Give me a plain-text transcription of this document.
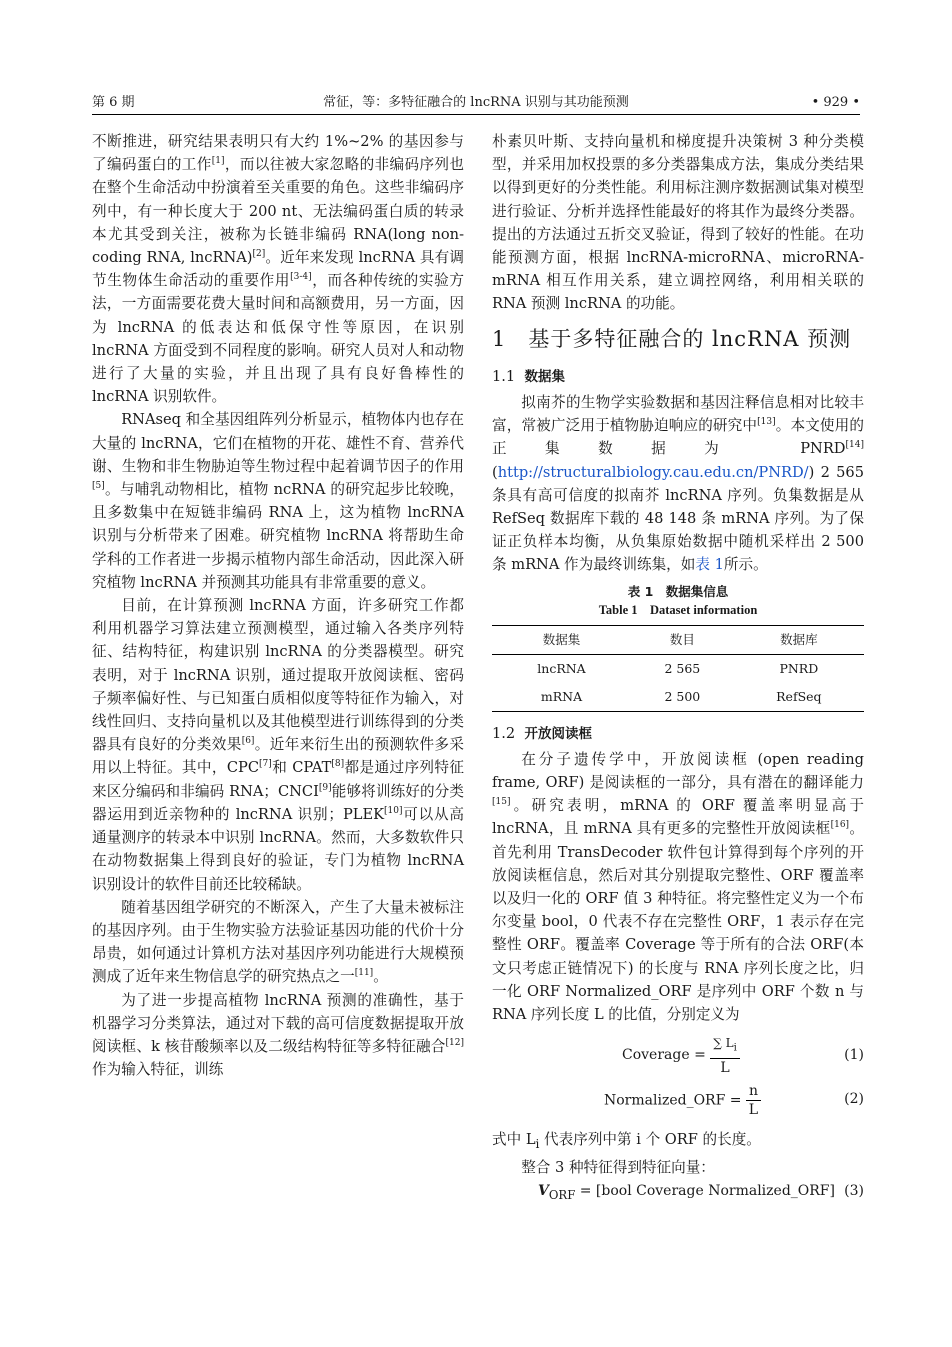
第 6 期	常征，等：多特征融合的 lncRNA 识别与其功能预测	• 929 •

不断推进，研究结果表明只有大约 1%~2% 的基因参与了编码蛋白的工作[1]，而以往被大家忽略的非编码序列也在整个生命活动中扮演着至关重要的角色。这些非编码序列中，有一种长度大于 200 nt、无法编码蛋白质的转录本尤其受到关注，被称为长链非编码 RNA(long non-coding RNA, lncRNA)[2]。近年来发现 lncRNA 具有调节生物体生命活动的重要作用[3-4]，而各种传统的实验方法，一方面需要花费大量时间和高额费用，另一方面，因为 lncRNA 的低表达和低保守性等原因，在识别 lncRNA 方面受到不同程度的影响。研究人员对人和动物进行了大量的实验，并且出现了具有良好鲁棒性的 lncRNA 识别软件。

RNAseq 和全基因组阵列分析显示，植物体内也存在大量的 lncRNA，它们在植物的开花、雄性不育、营养代谢、生物和非生物胁迫等生物过程中起着调节因子的作用[5]。与哺乳动物相比，植物 ncRNA 的研究起步比较晚，且多数集中在短链非编码 RNA 上，这为植物 lncRNA 识别与分析带来了困难。研究植物 lncRNA 将帮助生命学科的工作者进一步揭示植物内部生命活动，因此深入研究植物 lncRNA 并预测其功能具有非常重要的意义。

目前，在计算预测 lncRNA 方面，许多研究工作都利用机器学习算法建立预测模型，通过输入各类序列特征、结构特征，构建识别 lncRNA 的分类器模型。研究表明，对于 lncRNA 识别，通过提取开放阅读框、密码子频率偏好性、与已知蛋白质相似度等特征作为输入，对线性回归、支持向量机以及其他模型进行训练得到的分类器具有良好的分类效果[6]。近年来衍生出的预测软件多采用以上特征。其中，CPC[7]和 CPAT[8]都是通过序列特征来区分编码和非编码 RNA；CNCI[9]能够将训练好的分类器运用到近亲物种的 lncRNA 识别；PLEK[10]可以从高通量测序的转录本中识别 lncRNA。然而，大多数软件只在动物数据集上得到良好的验证，专门为植物 lncRNA 识别设计的软件目前还比较稀缺。

随着基因组学研究的不断深入，产生了大量未被标注的基因序列。由于生物实验方法验证基因功能的代价十分昂贵，如何通过计算机方法对基因序列功能进行大规模预测成了近年来生物信息学的研究热点之一[11]。

为了进一步提高植物 lncRNA 预测的准确性，基于机器学习分类算法，通过对下载的高可信度数据提取开放阅读框、k 核苷酸频率以及二级结构特征等多特征融合[12]作为输入特征，训练

朴素贝叶斯、支持向量机和梯度提升决策树 3 种分类模型，并采用加权投票的多分类器集成方法，集成分类结果以得到更好的分类性能。利用标注测序数据测试集对模型进行验证、分析并选择性能最好的将其作为最终分类器。提出的方法通过五折交叉验证，得到了较好的性能。在功能预测方面，根据 lncRNA-microRNA、microRNA-mRNA 相互作用关系，建立调控网络，利用相关联的 RNA 预测 lncRNA 的功能。

1　基于多特征融合的 lncRNA 预测
1.1 数据集

拟南芥的生物学实验数据和基因注释信息相对比较丰富，常被广泛用于植物胁迫响应的研究中[13]。本文使用的正集数据为 PNRD[14](http://structuralbiology.cau.edu.cn/PNRD/) 2 565 条具有高可信度的拟南芥 lncRNA 序列。负集数据是从 RefSeq 数据库下载的 48 148 条 mRNA 序列。为了保证正负样本均衡，从负集原始数据中随机采样出 2 500 条 mRNA 作为最终训练集，如表 1所示。

表 1　数据集信息
Table 1　Dataset information
数据集	数目	数据库
lncRNA	2 565	PNRD
mRNA	2 500	RefSeq
1.2 开放阅读框

在分子遗传学中，开放阅读框 (open reading frame, ORF) 是阅读框的一部分，具有潜在的翻译能力[15]。研究表明，mRNA 的 ORF 覆盖率明显高于 lncRNA，且 mRNA 具有更多的完整性开放阅读框[16]。首先利用 TransDecoder 软件包计算得到每个序列的开放阅读框信息，然后对其分别提取完整性、ORF 覆盖率以及归一化的 ORF 值 3 种特征。将完整性定义为一个布尔变量 bool，0 代表不存在完整性 ORF，1 表示存在完整性 ORF。覆盖率 Coverage 等于所有的合法 ORF(本文只考虑正链情况下) 的长度与 RNA 序列长度之比，归一化 ORF Normalized_ORF 是序列中 ORF 个数 n 与 RNA 序列长度 L 的比值，分别定义为

Coverage = $\frac{\sum L_i}{L}$	(1)
Normalized_ORF = $\frac{n}{L}$	(2)

式中 $L_i$ 代表序列中第 i 个 ORF 的长度。

整合 3 种特征得到特征向量：

$V_{ORF}$ = [bool Coverage Normalized_ORF] (3)
